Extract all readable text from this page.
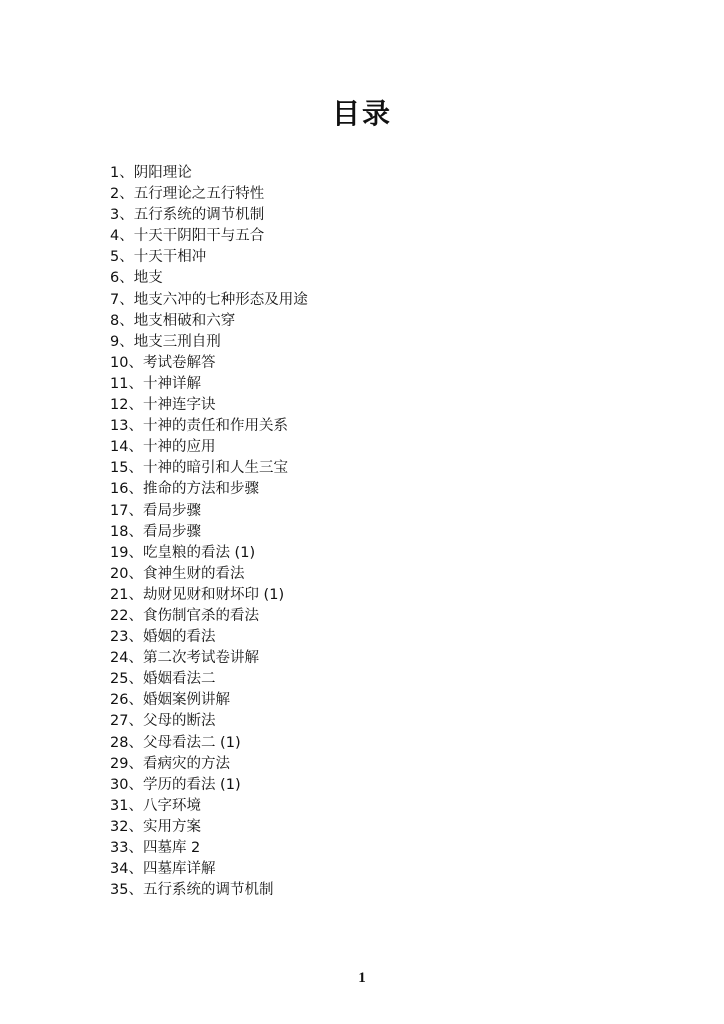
目录
1、阴阳理论
2、五行理论之五行特性
3、五行系统的调节机制
4、十天干阴阳干与五合
5、十天干相冲
6、地支
7、地支六冲的七种形态及用途
8、地支相破和六穿
9、地支三刑自刑
10、考试卷解答
11、十神详解
12、十神连字诀
13、十神的责任和作用关系
14、十神的应用
15、十神的暗引和人生三宝
16、推命的方法和步骤
17、看局步骤
18、看局步骤
19、吃皇粮的看法 (1)
20、食神生财的看法
21、劫财见财和财坏印 (1)
22、食伤制官杀的看法
23、婚姻的看法
24、第二次考试卷讲解
25、婚姻看法二
26、婚姻案例讲解
27、父母的断法
28、父母看法二 (1)
29、看病灾的方法
30、学历的看法 (1)
31、八字环境
32、实用方案
33、四墓库 2
34、四墓库详解
35、五行系统的调节机制
1
